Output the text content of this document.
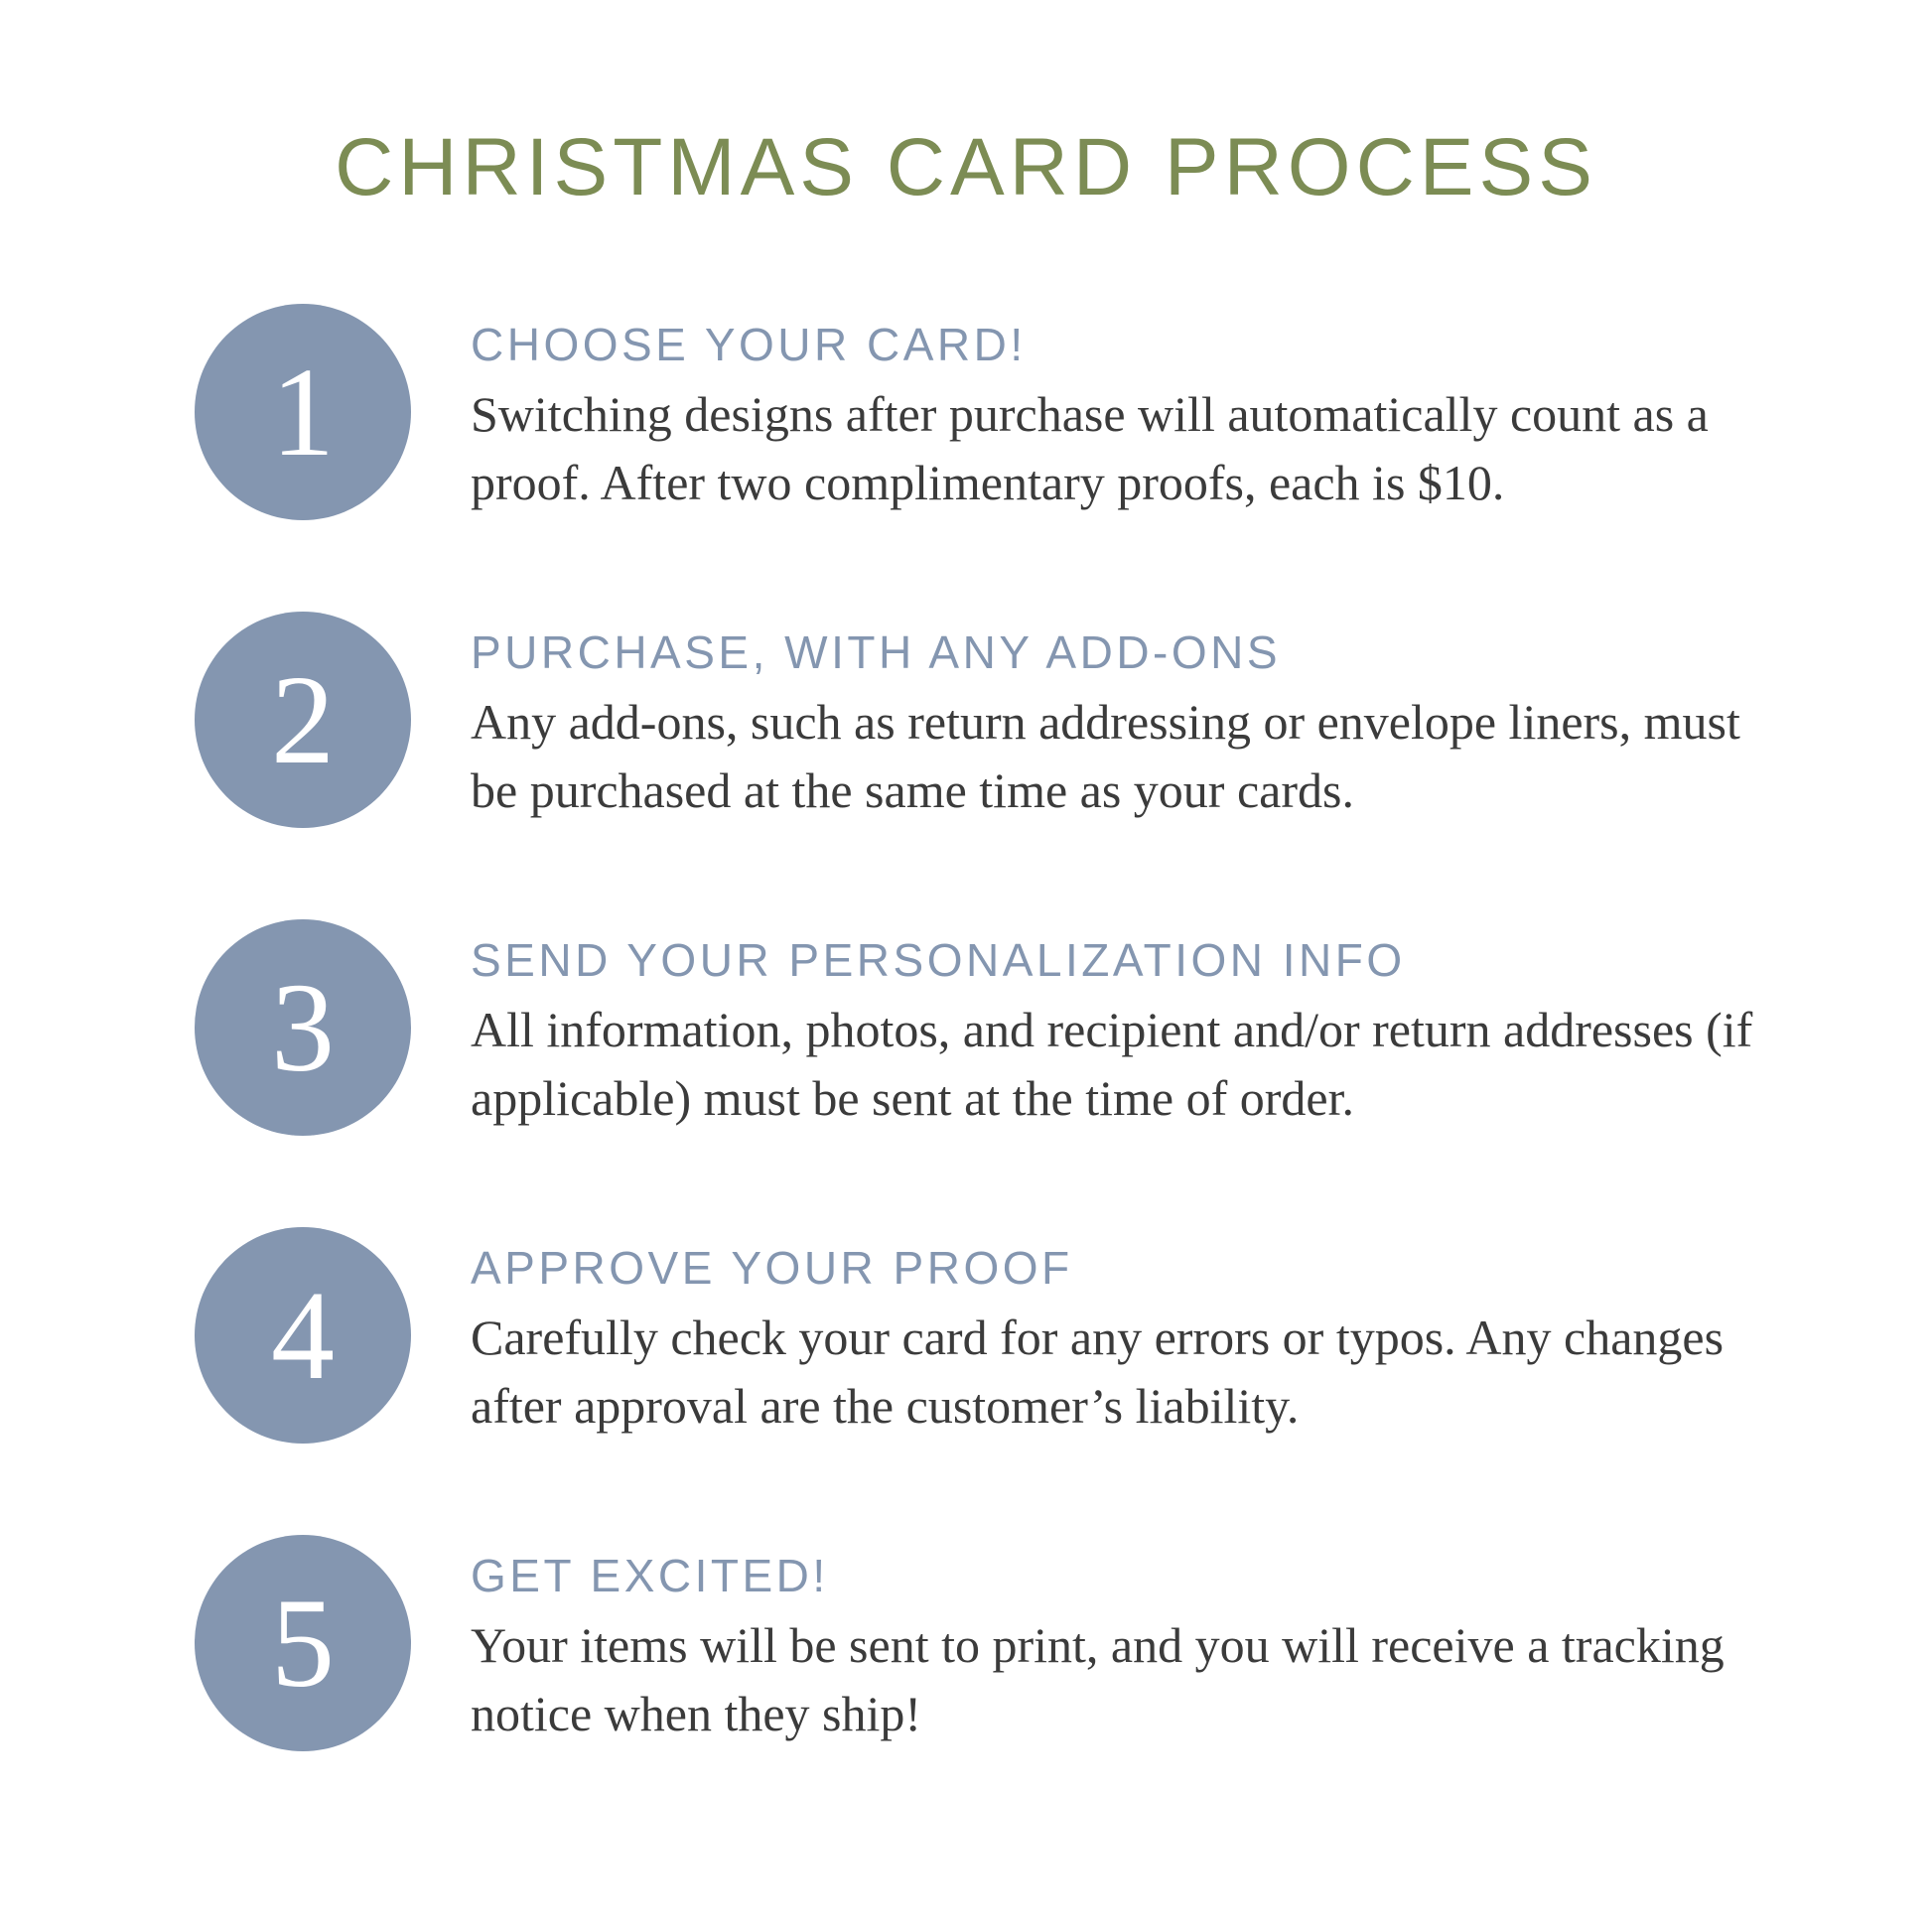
CHRISTMAS CARD PROCESS
1	CHOOSE YOUR CARD!
Switching designs after purchase will automatically count as a proof. After two complimentary proofs, each is $10.
2	PURCHASE, WITH ANY ADD-ONS
Any add-ons, such as return addressing or envelope liners, must be purchased at the same time as your cards.
3	SEND YOUR PERSONALIZATION INFO
All information, photos, and recipient and/or return addresses (if applicable) must be sent at the time of order.
4	APPROVE YOUR PROOF
Carefully check your card for any errors or typos. Any changes after approval are the customer’s liability.
5	GET EXCITED!
Your items will be sent to print, and you will receive a tracking notice when they ship!
